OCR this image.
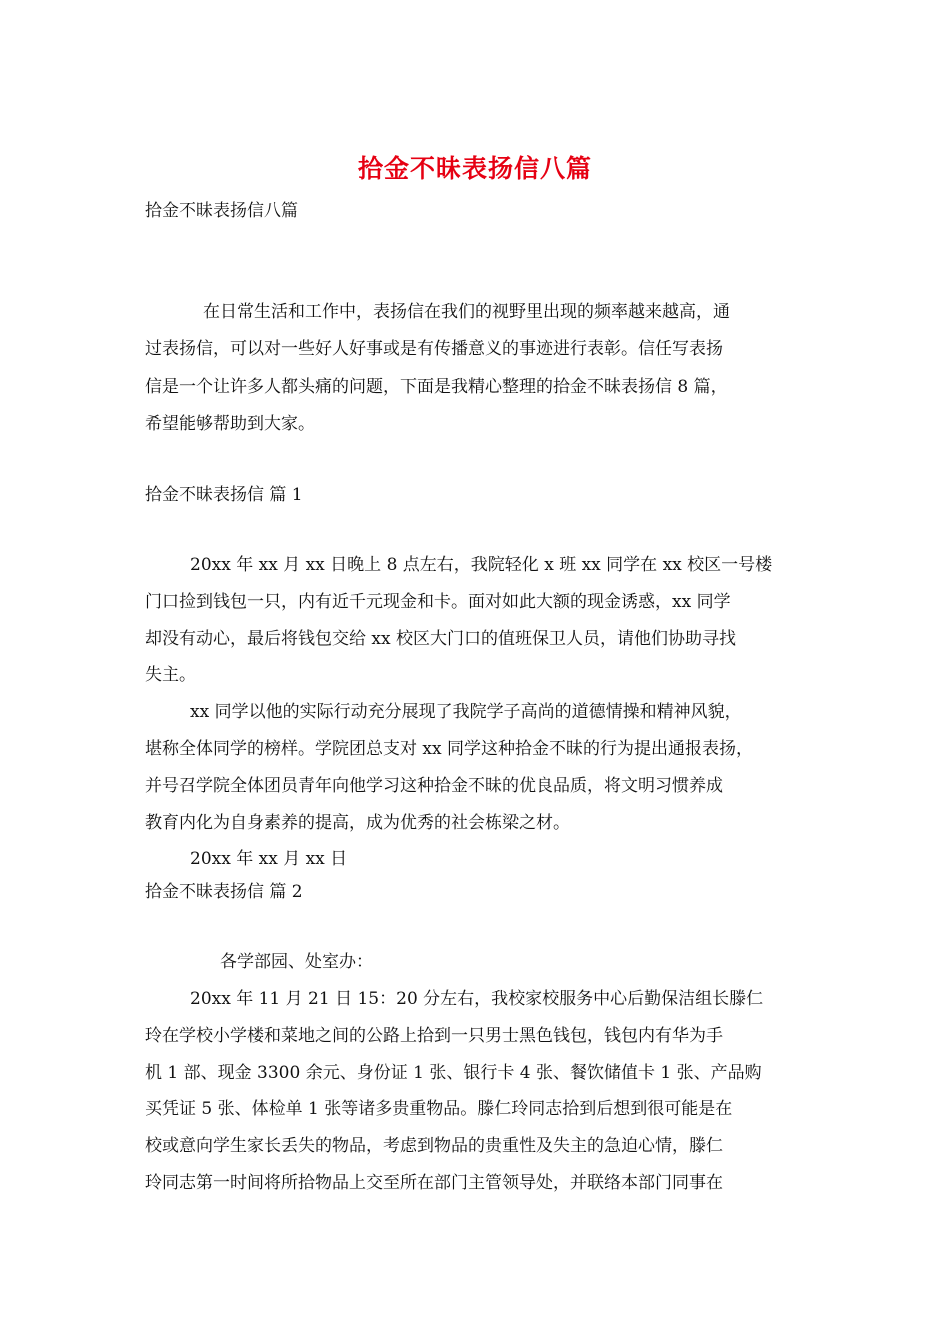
拾金不昧表扬信八篇
拾金不昧表扬信八篇
在日常生活和工作中，表扬信在我们的视野里出现的频率越来越高，通
过表扬信，可以对一些好人好事或是有传播意义的事迹进行表彰。信任写表扬
信是一个让许多人都头痛的问题，下面是我精心整理的拾金不昧表扬信 8 篇，
希望能够帮助到大家。
拾金不昧表扬信 篇 1
20xx 年 xx 月 xx 日晚上 8 点左右，我院轻化 x 班 xx 同学在 xx 校区一号楼
门口捡到钱包一只，内有近千元现金和卡。面对如此大额的现金诱惑，xx 同学
却没有动心，最后将钱包交给 xx 校区大门口的值班保卫人员，请他们协助寻找
失主。
xx 同学以他的实际行动充分展现了我院学子高尚的道德情操和精神风貌，
堪称全体同学的榜样。学院团总支对 xx 同学这种拾金不昧的行为提出通报表扬，
并号召学院全体团员青年向他学习这种拾金不昧的优良品质，将文明习惯养成
教育内化为自身素养的提高，成为优秀的社会栋梁之材。
20xx 年 xx 月 xx 日
拾金不昧表扬信 篇 2
各学部园、处室办：
20xx 年 11 月 21 日 15：20 分左右，我校家校服务中心后勤保洁组长滕仁
玲在学校小学楼和菜地之间的公路上拾到一只男士黑色钱包，钱包内有华为手
机 1 部、现金 3300 余元、身份证 1 张、银行卡 4 张、餐饮储值卡 1 张、产品购
买凭证 5 张、体检单 1 张等诸多贵重物品。滕仁玲同志拾到后想到很可能是在
校或意向学生家长丢失的物品，考虑到物品的贵重性及失主的急迫心情，滕仁
玲同志第一时间将所拾物品上交至所在部门主管领导处，并联络本部门同事在
